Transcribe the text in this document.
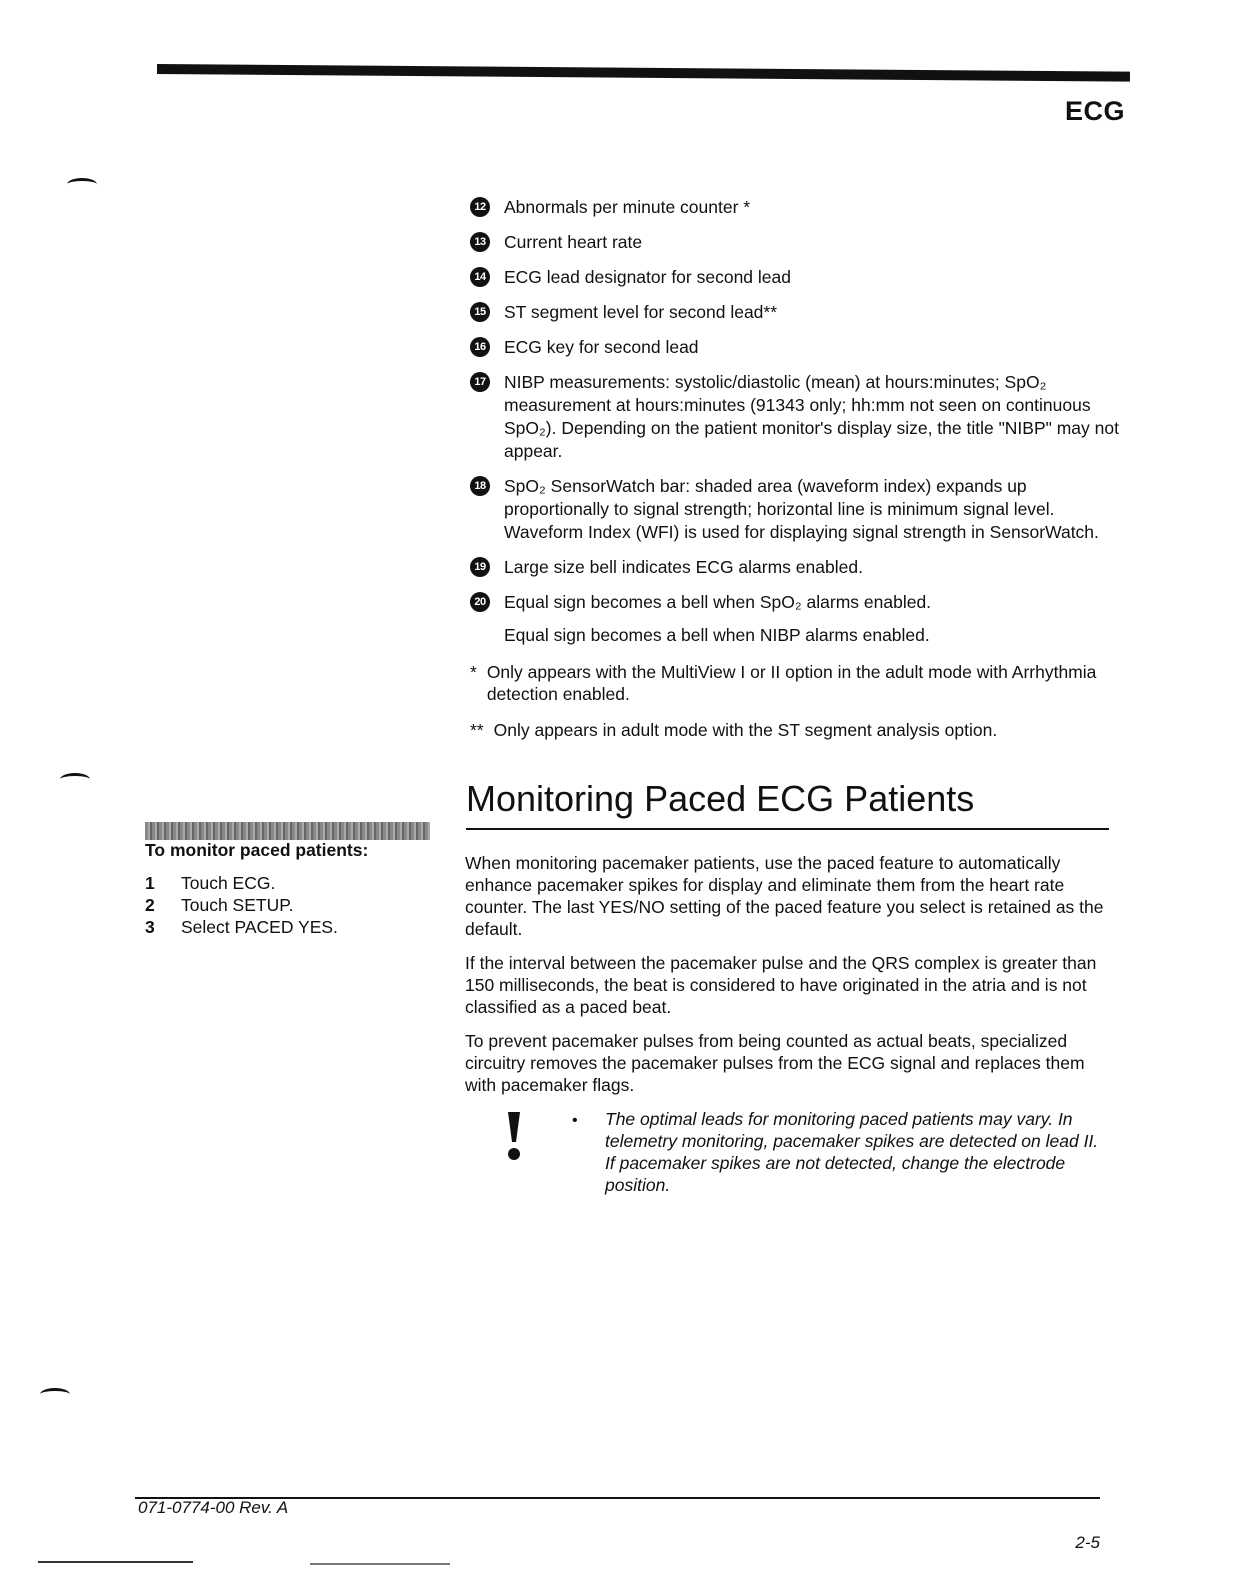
ECG
12 Abnormals per minute counter *
13 Current heart rate
14 ECG lead designator for second lead
15 ST segment level for second lead**
16 ECG key for second lead
17 NIBP measurements: systolic/diastolic (mean) at hours:minutes; SpO₂ measurement at hours:minutes (91343 only; hh:mm not seen on continuous SpO₂). Depending on the patient monitor's display size, the title "NIBP" may not appear.
18 SpO₂ SensorWatch bar: shaded area (waveform index) expands up proportionally to signal strength; horizontal line is minimum signal level. Waveform Index (WFI) is used for displaying signal strength in SensorWatch.
19 Large size bell indicates ECG alarms enabled.
20 Equal sign becomes a bell when SpO₂ alarms enabled.
Equal sign becomes a bell when NIBP alarms enabled.
* Only appears with the MultiView I or II option in the adult mode with Arrhythmia detection enabled.
** Only appears in adult mode with the ST segment analysis option.
Monitoring Paced ECG Patients

When monitoring pacemaker patients, use the paced feature to automatically enhance pacemaker spikes for display and eliminate them from the heart rate counter. The last YES/NO setting of the paced feature you select is retained as the default.

If the interval between the pacemaker pulse and the QRS complex is greater than 150 milliseconds, the beat is considered to have originated in the atria and is not classified as a paced beat.

To prevent pacemaker pulses from being counted as actual beats, specialized circuitry removes the pacemaker pulses from the ECG signal and replaces them with pacemaker flags.

• The optimal leads for monitoring paced patients may vary. In telemetry monitoring, pacemaker spikes are detected on lead II. If pacemaker spikes are not detected, change the electrode position.
To monitor paced patients:
1	Touch ECG.
2	Touch SETUP.
3	Select PACED YES.
071-0774-00 Rev. A
2-5
